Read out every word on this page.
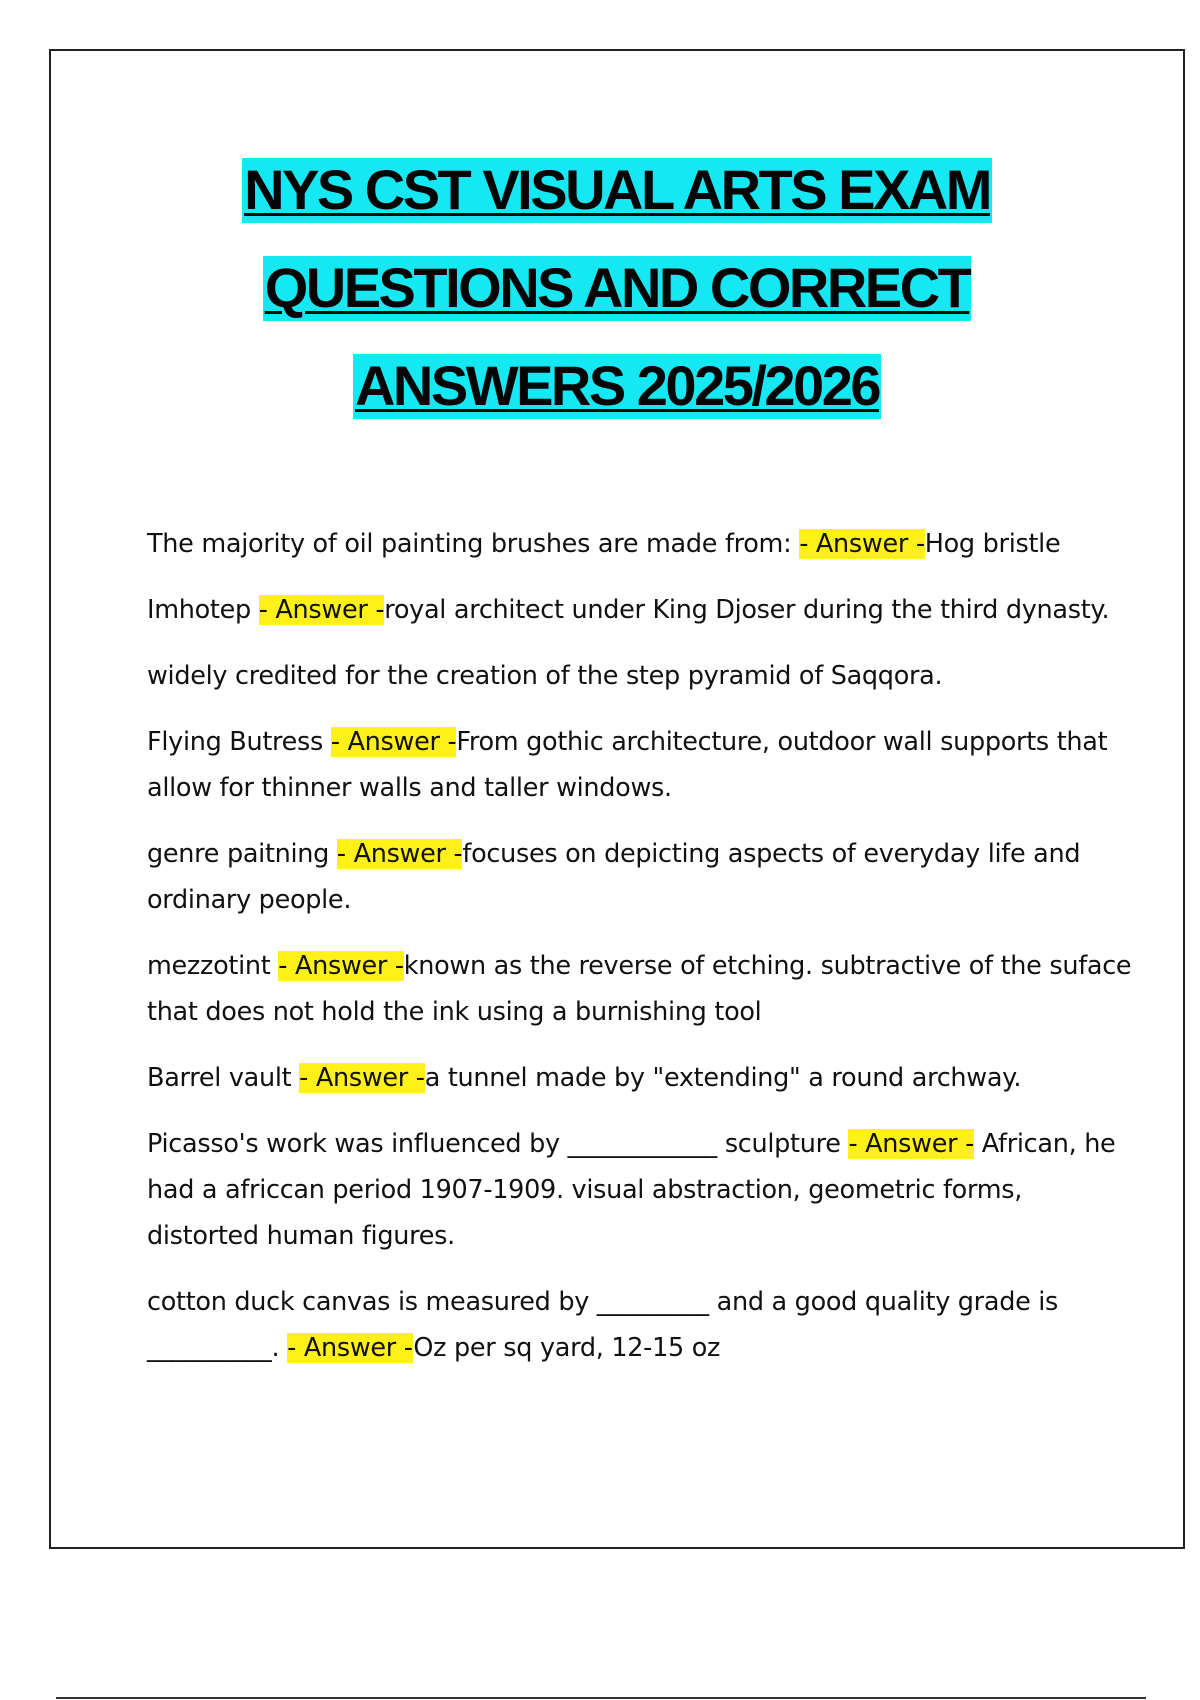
NYS CST VISUAL ARTS EXAM
QUESTIONS AND CORRECT
ANSWERS 2025/2026

The majority of oil painting brushes are made from: - Answer -Hog bristle

Imhotep - Answer -royal architect under King Djoser during the third dynasty.

widely credited for the creation of the step pyramid of Saqqora.

Flying Butress - Answer -From gothic architecture, outdoor wall supports that allow for thinner walls and taller windows.

genre paitning - Answer -focuses on depicting aspects of everyday life and ordinary people.

mezzotint - Answer -known as the reverse of etching. subtractive of the suface that does not hold the ink using a burnishing tool

Barrel vault - Answer -a tunnel made by "extending" a round archway.

Picasso's work was influenced by ____________ sculpture - Answer - African, he had a africcan period 1907-1909. visual abstraction, geometric forms, distorted human figures.

cotton duck canvas is measured by _________ and a good quality grade is __________. - Answer -Oz per sq yard, 12-15 oz
